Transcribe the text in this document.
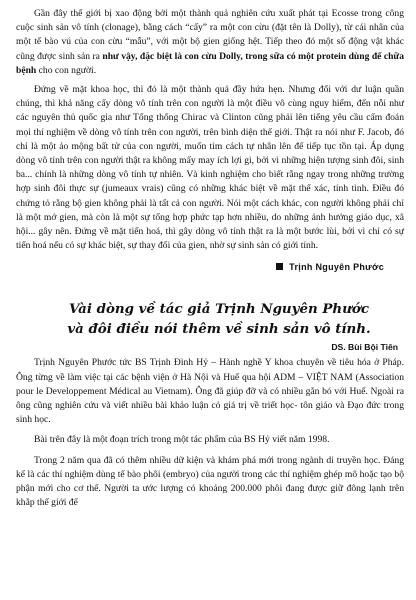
Gần đây thế giới bị xao động bởi một thành quả nghiên cứu xuất phát tại Ecosse trong công cuộc sinh sản vô tính (clonage), bằng cách “cấy” ra một con cừu (đặt tên là Dolly), từ cái nhân của một tế bào vú của con cừu “mẫu”, với một bộ gien giống hệt. Tiếp theo đó một số động vật khác cũng được sinh sản ra như vậy, đặc biệt là con cừu Dolly, trong sữa có một protein dùng để chữa bệnh cho con người.

Đứng về mặt khoa học, thì đó là một thành quả đầy hứa hẹn. Nhưng đối với dư luận quần chúng, thì khả năng cấy dòng vô tính trên con người là một điều vô cùng nguy hiểm, đến nỗi như các nguyên thủ quốc gia như Tổng thống Chirac và Clinton cũng phải lên tiếng yêu cầu cấm đoán mọi thí nghiệm về dòng vô tính trên con người, trên bình diện thế giới. Thật ra nói như F. Jacob, đó chỉ là một ảo mộng bất tử của con người, muốn tìm cách tự nhân lên để tiếp tục tồn tại. Áp dụng dòng vô tính trên con người thật ra không mấy may ích lợi gì, bởi vì những hiện tượng sinh đôi, sinh ba... chính là những dòng vô tính tự nhiên. Và kinh nghiệm cho biết rằng ngay trong những trường hợp sinh đôi thực sự (jumeaux vrais) cũng có những khác biệt về mặt thể xác, tính tình. Điều đó chứng tỏ rằng bộ gien không phải là tất cả con người. Nói một cách khác, con người không phải chỉ là một mớ gien, mà còn là một sự tổng hợp phức tạp hơn nhiều, do những ảnh hưởng giáo dục, xã hội... gây nên. Đứng về mặt tiến hoá, thì gây dòng vô tính thật ra là một bước lùi, bởi vì chỉ có sự tiến hoá nếu có sự khác biệt, sự thay đổi của gien, nhờ sự sinh sản có giới tính.

Trịnh Nguyên Phước
Vài dòng về tác giả Trịnh Nguyên Phước
và đôi điều nói thêm về sinh sản vô tính.
DS. Bùi Bội Tiên

Trịnh Nguyên Phước tức BS Trịnh Đình Hỷ – Hành nghề Y khoa chuyên về tiêu hóa ở Pháp. Ông từng về làm việc tại các bệnh viện ở Hà Nội và Huế qua hội ADM – VIỆT NAM (Association pour le Developpement Médical au Vietnam). Ông đã giúp đỡ và có nhiều gắn bó với Huế. Ngoài ra ông cũng nghiên cứu và viết nhiều bài khảo luận có giá trị về triết học- tôn giáo và Đạo đức trong sinh học.

Bài trên đây là một đoạn trích trong một tác phẩm của BS Hỷ viết năm 1998.

Trong 2 năm qua đã có thêm nhiều dữ kiện và khám phá mới trong ngành di truyền học. Đáng kể là các thí nghiệm dùng tế bào phôi (embryo) của người trong các thí nghiệm ghép mô hoặc tạo bộ phận mới cho cơ thể. Người ta ước lượng có khoảng 200.000 phôi đang được giữ đông lạnh trên khắp thế giới để
